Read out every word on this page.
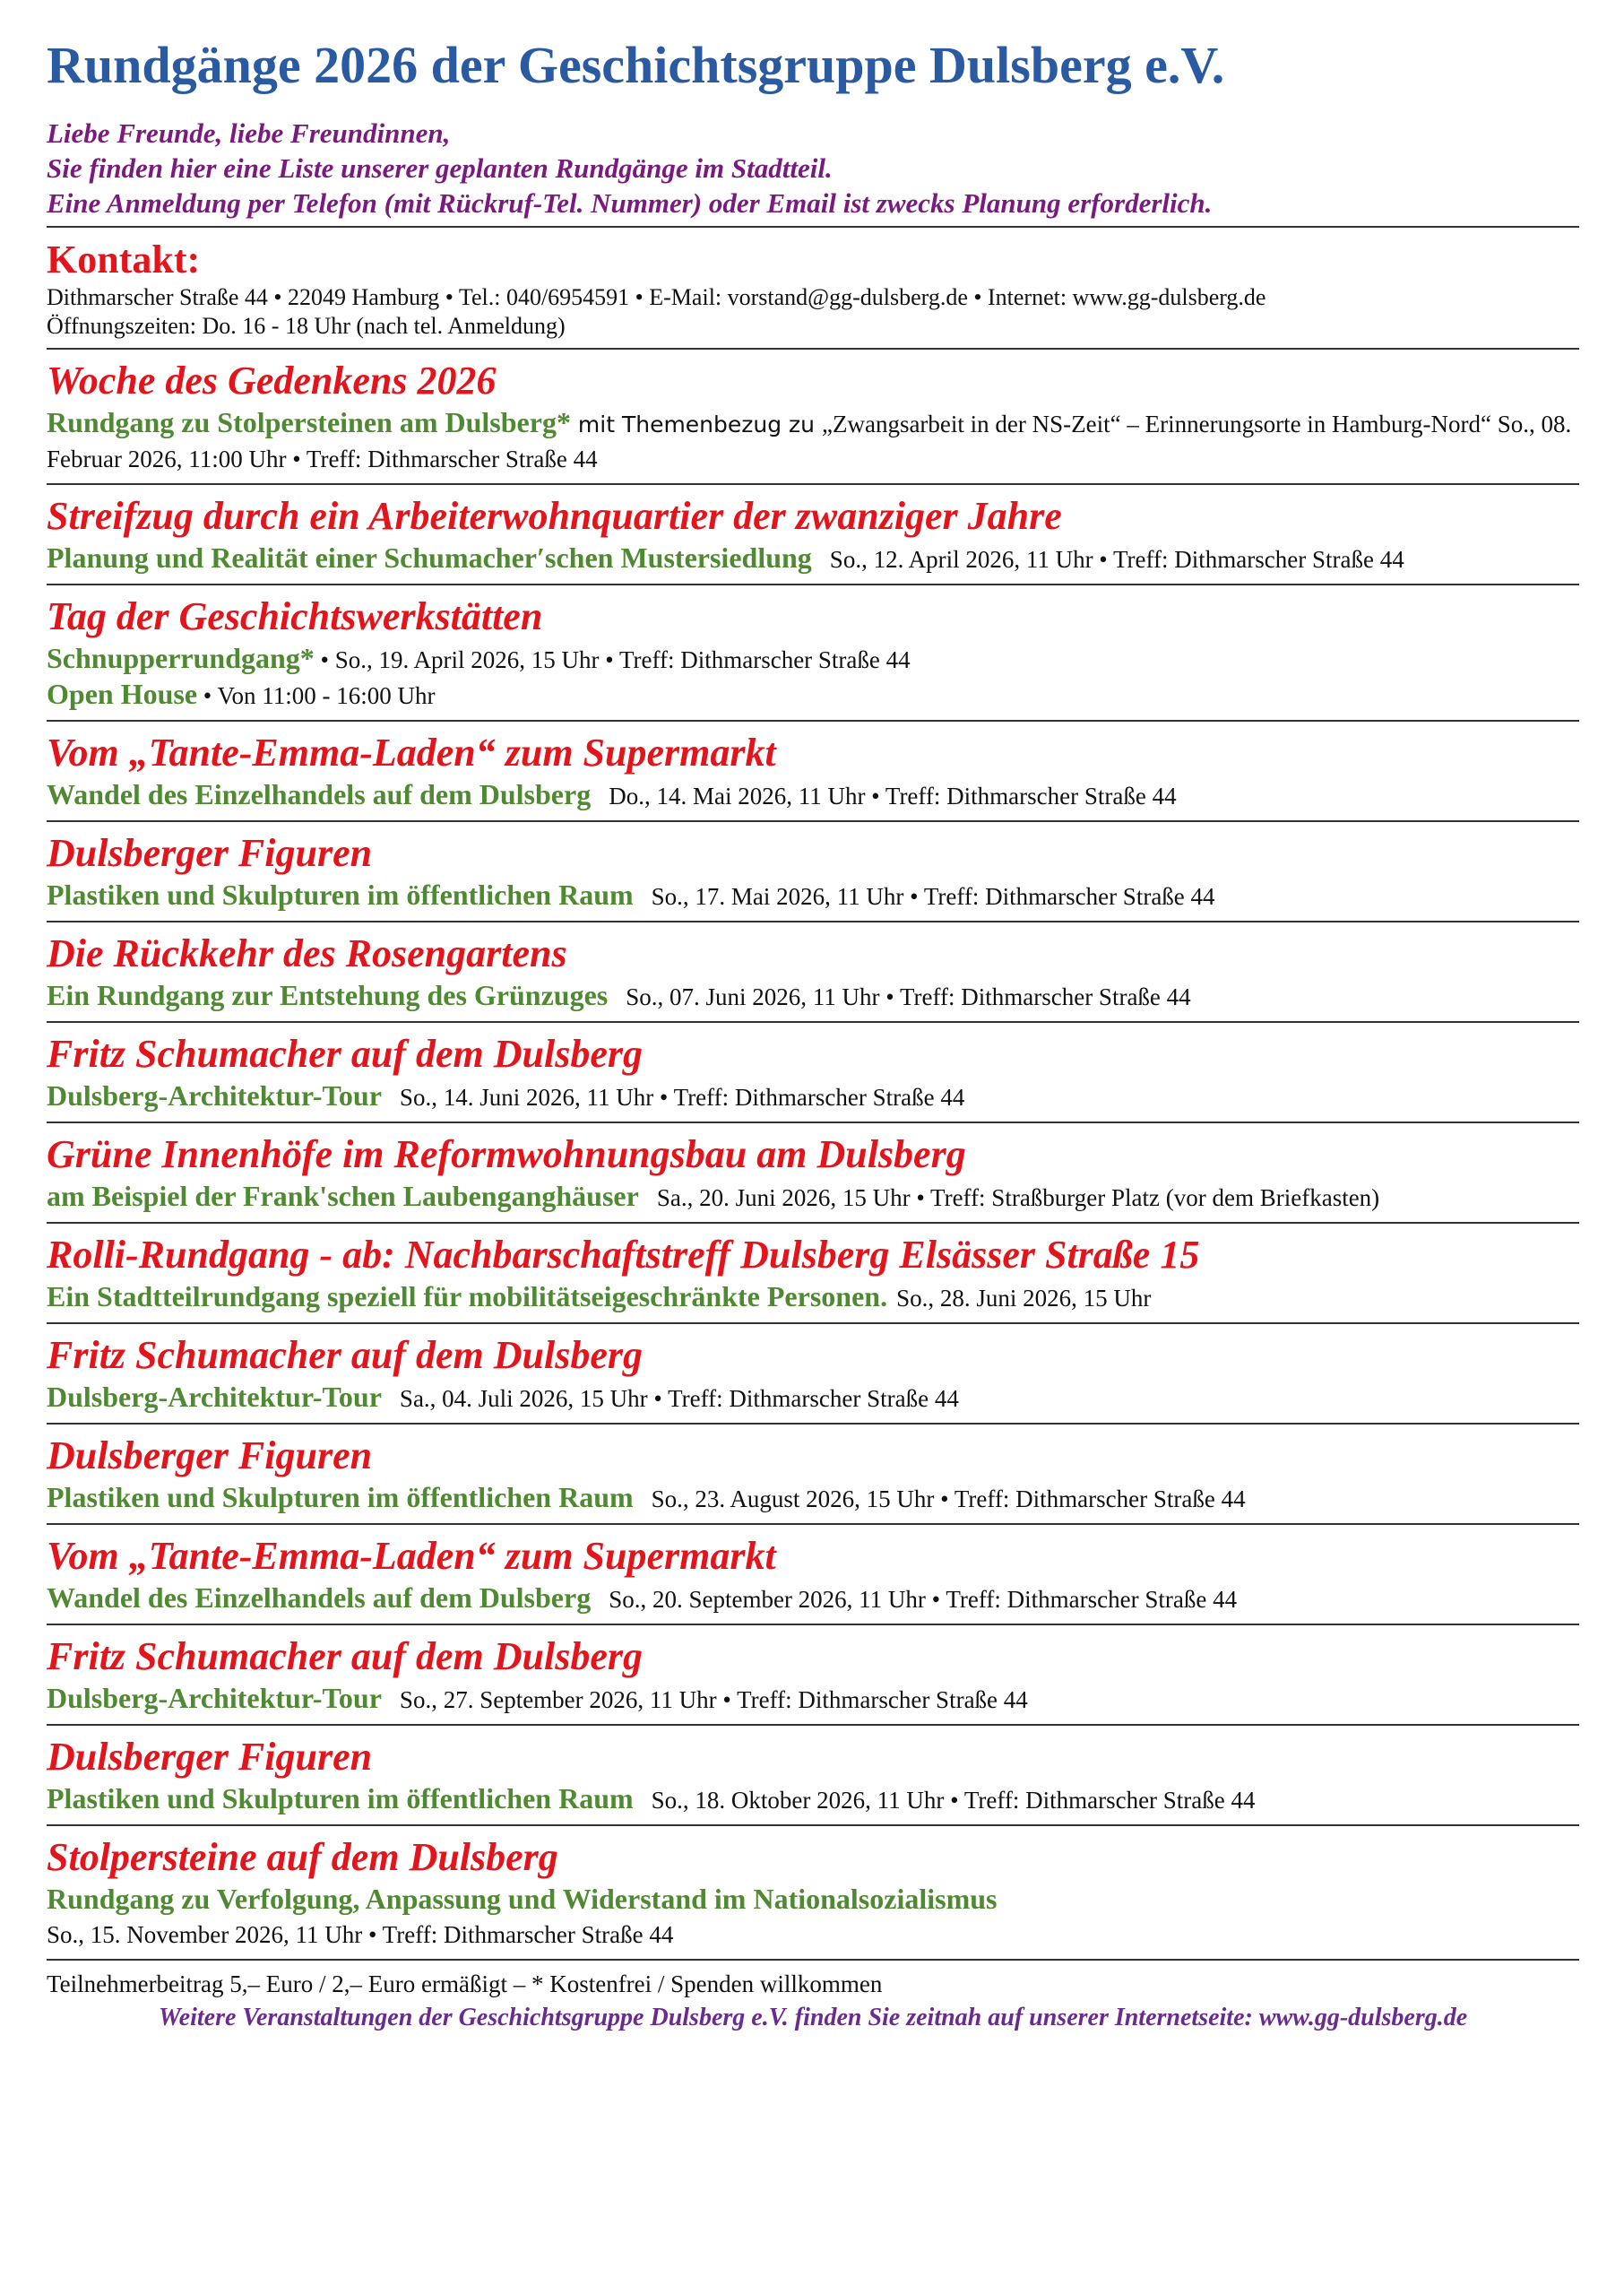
Rundgänge 2026 der Geschichtsgruppe Dulsberg e.V.
Liebe Freunde, liebe Freundinnen,
Sie finden hier eine Liste unserer geplanten Rundgänge im Stadtteil.
Eine Anmeldung per Telefon (mit Rückruf-Tel. Nummer) oder Email ist zwecks Planung erforderlich.
Kontakt:
Dithmarscher Straße 44 • 22049 Hamburg • Tel.: 040/6954591 • E-Mail: vorstand@gg-dulsberg.de • Internet: www.gg-dulsberg.de
Öffnungszeiten: Do. 16 - 18 Uhr (nach tel. Anmeldung)
Woche des Gedenkens 2026
Rundgang zu Stolpersteinen am Dulsberg* mit Themenbezug zu „Zwangsarbeit in der NS-Zeit“ – Erinnerungsorte in Hamburg-Nord“ So., 08. Februar 2026, 11:00 Uhr • Treff: Dithmarscher Straße 44
Streifzug durch ein Arbeiterwohnquartier der zwanziger Jahre
Planung und Realität einer Schumacher′schen Mustersiedlung So., 12. April 2026, 11 Uhr • Treff: Dithmarscher Straße 44
Tag der Geschichtswerkstätten
Schnupperrundgang* • So., 19. April 2026, 15 Uhr • Treff: Dithmarscher Straße 44
Open House • Von 11:00 - 16:00 Uhr
Vom „Tante-Emma-Laden“ zum Supermarkt
Wandel des Einzelhandels auf dem Dulsberg Do., 14. Mai 2026, 11 Uhr • Treff: Dithmarscher Straße 44
Dulsberger Figuren
Plastiken und Skulpturen im öffentlichen Raum So., 17. Mai 2026, 11 Uhr • Treff: Dithmarscher Straße 44
Die Rückkehr des Rosengartens
Ein Rundgang zur Entstehung des Grünzuges So., 07. Juni 2026, 11 Uhr • Treff: Dithmarscher Straße 44
Fritz Schumacher auf dem Dulsberg
Dulsberg-Architektur-Tour So., 14. Juni 2026, 11 Uhr • Treff: Dithmarscher Straße 44
Grüne Innenhöfe im Reformwohnungsbau am Dulsberg
am Beispiel der Frank'schen Laubenganghäuser Sa., 20. Juni 2026, 15 Uhr • Treff: Straßburger Platz (vor dem Briefkasten)
Rolli-Rundgang - ab: Nachbarschaftstreff Dulsberg Elsässer Straße 15
Ein Stadtteilrundgang speziell für mobilitätseigeschränkte Personen. So., 28. Juni 2026, 15 Uhr
Fritz Schumacher auf dem Dulsberg
Dulsberg-Architektur-Tour Sa., 04. Juli 2026, 15 Uhr • Treff: Dithmarscher Straße 44
Dulsberger Figuren
Plastiken und Skulpturen im öffentlichen Raum So., 23. August 2026, 15 Uhr • Treff: Dithmarscher Straße 44
Vom „Tante-Emma-Laden“ zum Supermarkt
Wandel des Einzelhandels auf dem Dulsberg So., 20. September 2026, 11 Uhr • Treff: Dithmarscher Straße 44
Fritz Schumacher auf dem Dulsberg
Dulsberg-Architektur-Tour So., 27. September 2026, 11 Uhr • Treff: Dithmarscher Straße 44
Dulsberger Figuren
Plastiken und Skulpturen im öffentlichen Raum So., 18. Oktober 2026, 11 Uhr • Treff: Dithmarscher Straße 44
Stolpersteine auf dem Dulsberg
Rundgang zu Verfolgung, Anpassung und Widerstand im Nationalsozialismus
So., 15. November 2026, 11 Uhr • Treff: Dithmarscher Straße 44
Teilnehmerbeitrag 5,– Euro / 2,– Euro ermäßigt – * Kostenfrei / Spenden willkommen
Weitere Veranstaltungen der Geschichtsgruppe Dulsberg e.V. finden Sie zeitnah auf unserer Internetseite: www.gg-dulsberg.de
